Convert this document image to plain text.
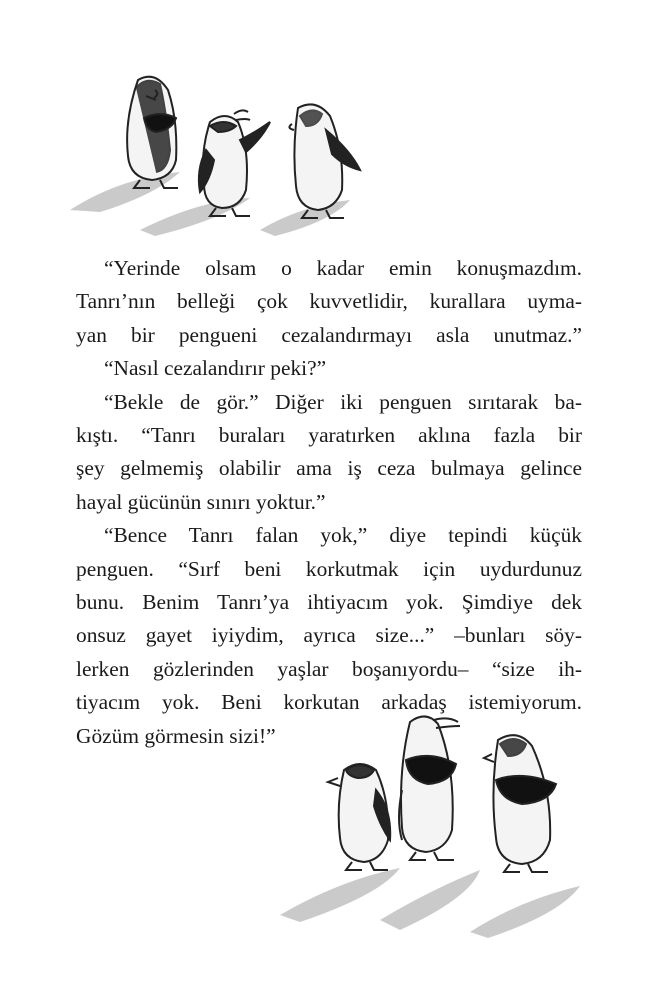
“Yerinde olsam o kadar emin konuşmazdım.
Tanrı’nın belleği çok kuvvetlidir, kurallara uyma-
yan bir pengueni cezalandırmayı asla unutmaz.”

“Nasıl cezalandırır peki?”

“Bekle de gör.” Diğer iki penguen sırıtarak ba-
kıştı. “Tanrı buraları yaratırken aklına fazla bir
şey gelmemiş olabilir ama iş ceza bulmaya gelince
hayal gücünün sınırı yoktur.”

“Bence Tanrı falan yok,” diye tepindi küçük
penguen. “Sırf beni korkutmak için uydurdunuz
bunu. Benim Tanrı’ya ihtiyacım yok. Şimdiye dek
onsuz gayet iyiydim, ayrıca size...” –bunları söy-
lerken gözlerinden yaşlar boşanıyordu– “size ih-
tiyacım yok. Beni korkutan arkadaş istemiyorum.
Gözüm görmesin sizi!”
